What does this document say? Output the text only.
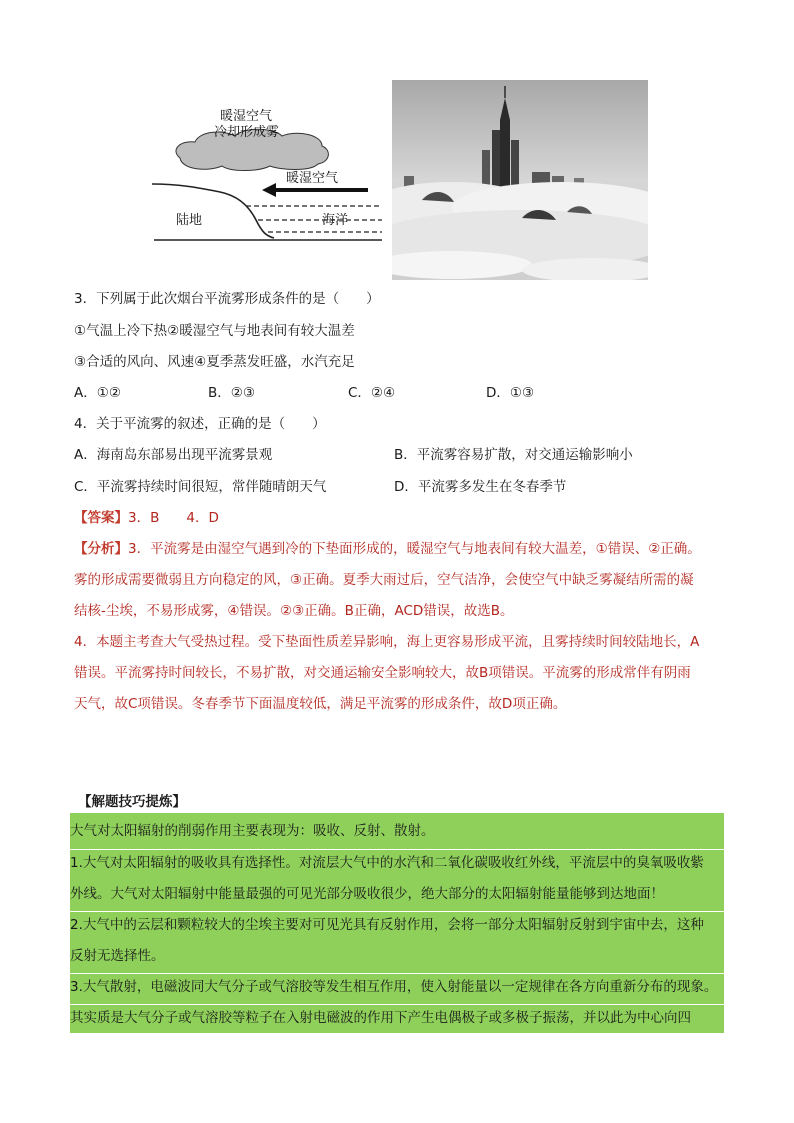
暖湿空气
冷却形成雾
暖湿空气
陆地	海洋
3．下列属于此次烟台平流雾形成条件的是（　　）
①气温上冷下热②暖湿空气与地表间有较大温差
③合适的风向、风速④夏季蒸发旺盛，水汽充足
A．①②	B．②③	C．②④	D．①③
4．关于平流雾的叙述，正确的是（　　）
A．海南岛东部易出现平流雾景观	B．平流雾容易扩散，对交通运输影响小
C．平流雾持续时间很短，常伴随晴朗天气	D．平流雾多发生在冬春季节
【答案】3．B　　4．D
【分析】3．平流雾是由湿空气遇到冷的下垫面形成的，暖湿空气与地表间有较大温差，①错误、②正确。
雾的形成需要微弱且方向稳定的风，③正确。夏季大雨过后，空气洁净，会使空气中缺乏雾凝结所需的凝
结核-尘埃，不易形成雾，④错误。②③正确。B正确，ACD错误，故选B。
4．本题主考查大气受热过程。受下垫面性质差异影响，海上更容易形成平流，且雾持续时间较陆地长，A
错误。平流雾持时间较长，不易扩散，对交通运输安全影响较大，故B项错误。平流雾的形成常伴有阴雨
天气，故C项错误。冬春季节下面温度较低，满足平流雾的形成条件，故D项正确。
【解题技巧提炼】
大气对太阳辐射的削弱作用主要表现为：吸收、反射、散射。
1.大气对太阳辐射的吸收具有选择性。对流层大气中的水汽和二氧化碳吸收红外线，平流层中的臭氧吸收紫
外线。大气对太阳辐射中能量最强的可见光部分吸收很少，绝大部分的太阳辐射能量能够到达地面！
2.大气中的云层和颗粒较大的尘埃主要对可见光具有反射作用，会将一部分太阳辐射反射到宇宙中去，这种
反射无选择性。
3.大气散射，电磁波同大气分子或气溶胶等发生相互作用，使入射能量以一定规律在各方向重新分布的现象。
其实质是大气分子或气溶胶等粒子在入射电磁波的作用下产生电偶极子或多极子振荡，并以此为中心向四
